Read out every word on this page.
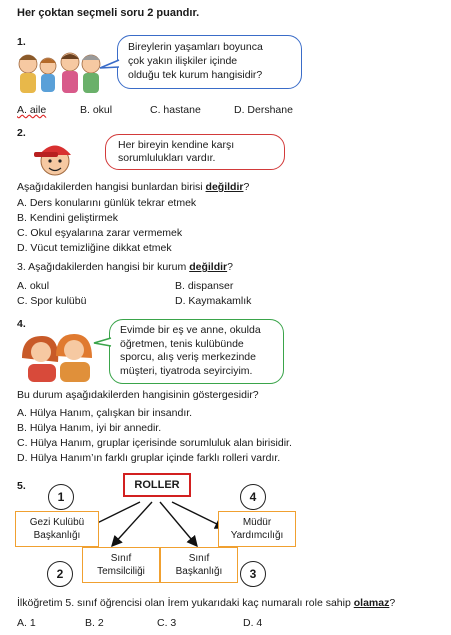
Her çoktan seçmeli soru 2 puandır.
1.	Bireylerin yaşamları boyunca
çok yakın ilişkiler içinde
olduğu tek kurum hangisidir?
A. aile	B. okul	C. hastane	D. Dershane
2.
Her bireyin kendine karşı
sorumlulukları vardır.
Aşağıdakilerden hangisi bunlardan birisi değildir?
A. Ders konularını günlük tekrar etmek
B. Kendini geliştirmek
C. Okul eşyalarına zarar vermemek
D. Vücut temizliğine dikkat etmek
3. Aşağıdakilerden hangisi bir kurum değildir?
A. okul	B. dispanser
C. Spor kulübü	D. Kaymakamlık
4.	Evimde bir eş ve anne, okulda
öğretmen, tenis kulübünde
sporcu, alış veriş merkezinde
müşteri, tiyatroda seyirciyim.
Bu durum aşağıdakilerden hangisinin göstergesidir?
A. Hülya Hanım, çalışkan bir insandır.
B. Hülya Hanım, iyi bir annedir.
C. Hülya Hanım, gruplar içerisinde sorumluluk alan birisidir.
D. Hülya Hanım’ın farklı gruplar içinde farklı rolleri vardır.
5.	ROLLER
1	4
Gezi Kulübü
Başkanlığı
Müdür
Yardımcılığı
Sınıf
Temsilciliği
Sınıf
Başkanlığı
2	3
İlköğretim 5. sınıf öğrencisi olan İrem yukarıdaki kaç numaralı role sahip olamaz?
A. 1	B. 2	C. 3	D. 4
